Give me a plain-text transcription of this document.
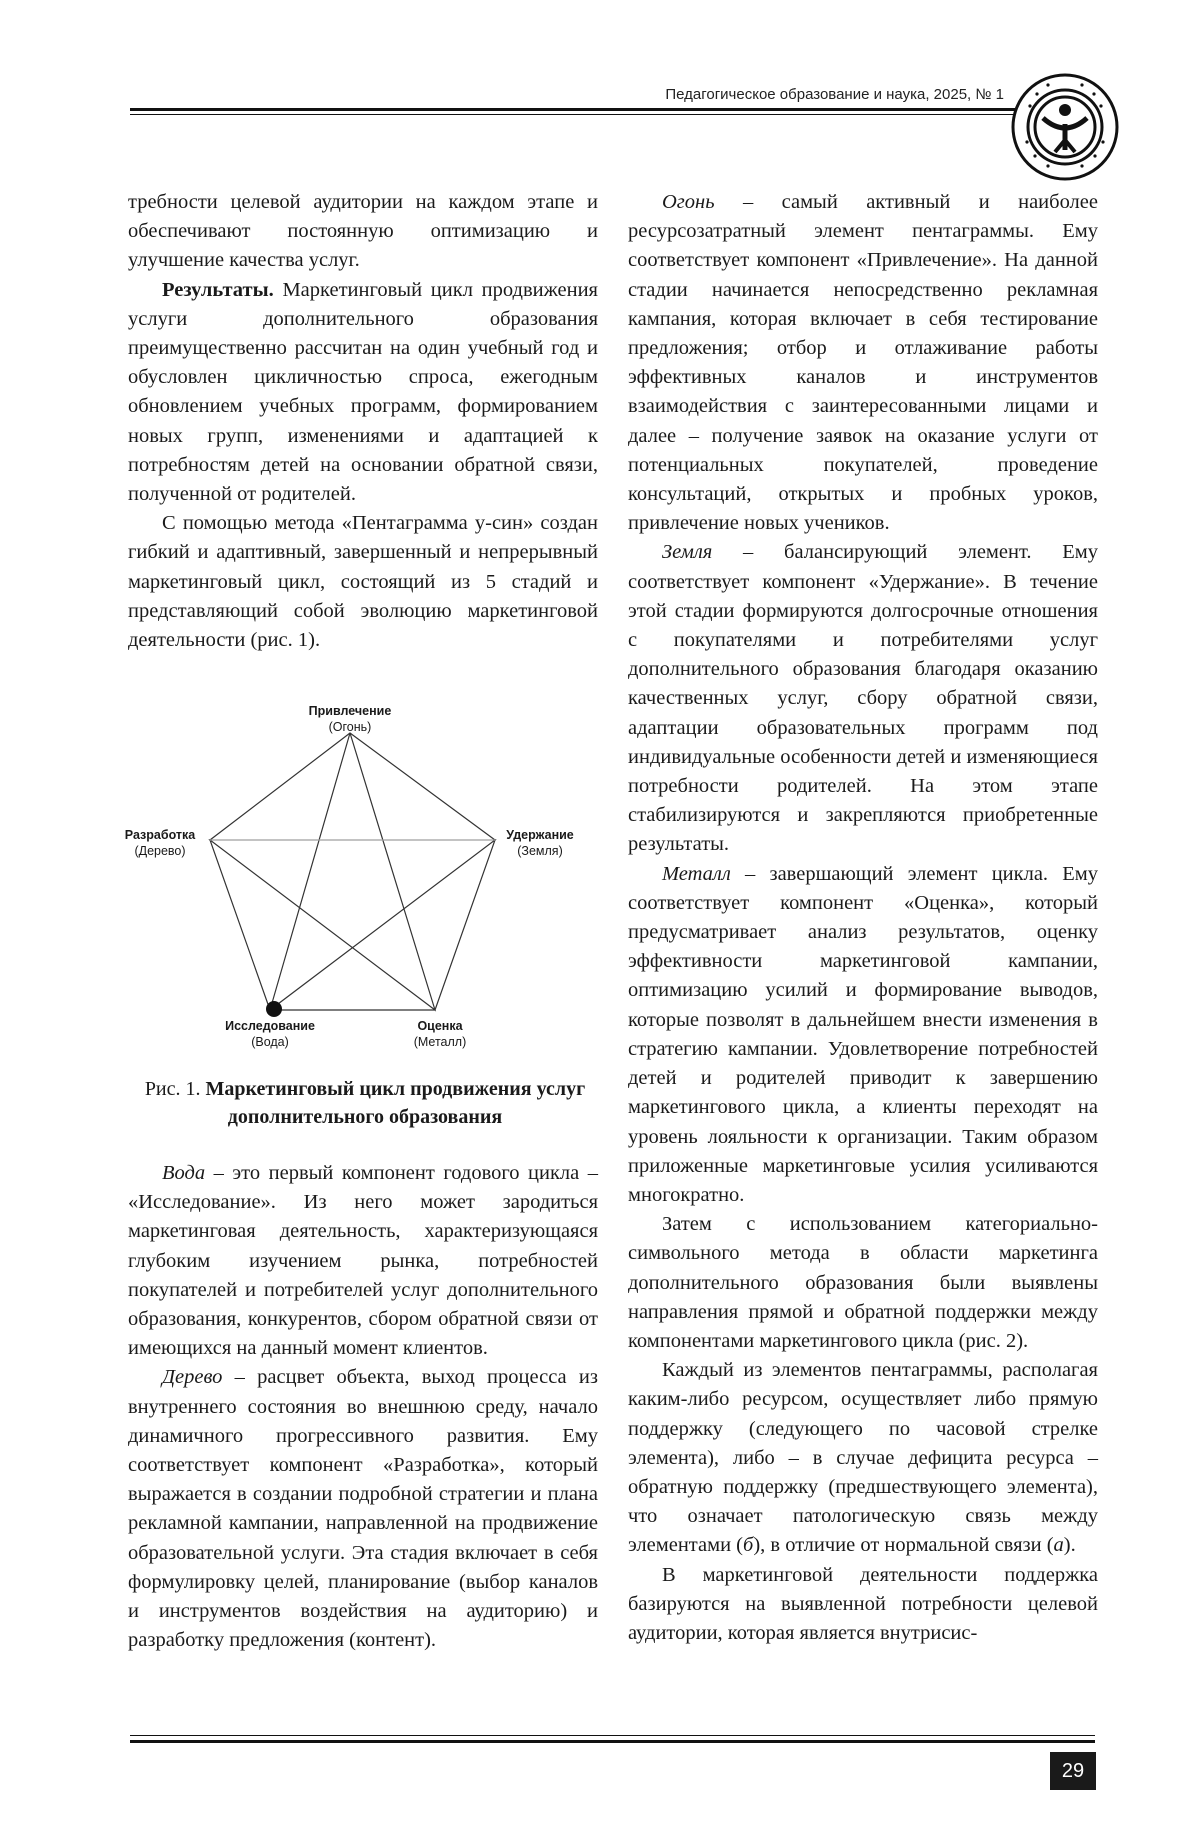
Педагогическое образование и наука, 2025, № 1

требности целевой аудитории на каждом этапе и обеспечивают постоянную оптимизацию и улучшение качества услуг.

Результаты. Маркетинговый цикл продвижения услуги дополнительного образования преимущественно рассчитан на один учебный год и обусловлен цикличностью спроса, ежегодным обновлением учебных программ, формированием новых групп, изменениями и адаптацией к потребностям детей на основании обратной связи, полученной от родителей.

С помощью метода «Пентаграмма у-син» создан гибкий и адаптивный, завершенный и непрерывный маркетинговый цикл, состоящий из 5 стадий и представляющий собой эволюцию маркетинговой деятельности (рис. 1).

Привлечение
(Огонь)
Удержание
(Земля)
Оценка
(Металл)
Исследование
(Вода)
Разработка
(Дерево)
Рис. 1. Маркетинговый цикл продвижения услуг дополнительного образования

Вода – это первый компонент годового цикла – «Исследование». Из него может зародиться маркетинговая деятельность, характеризующаяся глубоким изучением рынка, потребностей покупателей и потребителей услуг дополнительного образования, конкурентов, сбором обратной связи от имеющихся на данный момент клиентов.

Дерево – расцвет объекта, выход процесса из внутреннего состояния во внешнюю среду, начало динамичного прогрессивного развития. Ему соответствует компонент «Разработка», который выражается в создании подробной стратегии и плана рекламной кампании, направленной на продвижение образовательной услуги. Эта стадия включает в себя формулировку целей, планирование (выбор каналов и инструментов воздействия на аудиторию) и разработку предложения (контент).

Огонь – самый активный и наиболее ресурсозатратный элемент пентаграммы. Ему соответствует компонент «Привлечение». На данной стадии начинается непосредственно рекламная кампания, которая включает в себя тестирование предложения; отбор и отлаживание работы эффективных каналов и инструментов взаимодействия с заинтересованными лицами и далее – получение заявок на оказание услуги от потенциальных покупателей, проведение консультаций, открытых и пробных уроков, привлечение новых учеников.

Земля – балансирующий элемент. Ему соответствует компонент «Удержание». В течение этой стадии формируются долгосрочные отношения с покупателями и потребителями услуг дополнительного образования благодаря оказанию качественных услуг, сбору обратной связи, адаптации образовательных программ под индивидуальные особенности детей и изменяющиеся потребности родителей. На этом этапе стабилизируются и закрепляются приобретенные результаты.

Металл – завершающий элемент цикла. Ему соответствует компонент «Оценка», который предусматривает анализ результатов, оценку эффективности маркетинговой кампании, оптимизацию усилий и формирование выводов, которые позволят в дальнейшем внести изменения в стратегию кампании. Удовлетворение потребностей детей и родителей приводит к завершению маркетингового цикла, а клиенты переходят на уровень лояльности к организации. Таким образом приложенные маркетинговые усилия усиливаются многократно.

Затем с использованием категориально-символьного метода в области маркетинга дополнительного образования были выявлены направления прямой и обратной поддержки между компонентами маркетингового цикла (рис. 2).

Каждый из элементов пентаграммы, располагая каким-либо ресурсом, осуществляет либо прямую поддержку (следующего по часовой стрелке элемента), либо – в случае дефицита ресурса – обратную поддержку (предшествующего элемента), что означает патологическую связь между элементами (б), в отличие от нормальной связи (а).

В маркетинговой деятельности поддержка базируются на выявленной потребности целевой аудитории, которая является внутрисис-

29
